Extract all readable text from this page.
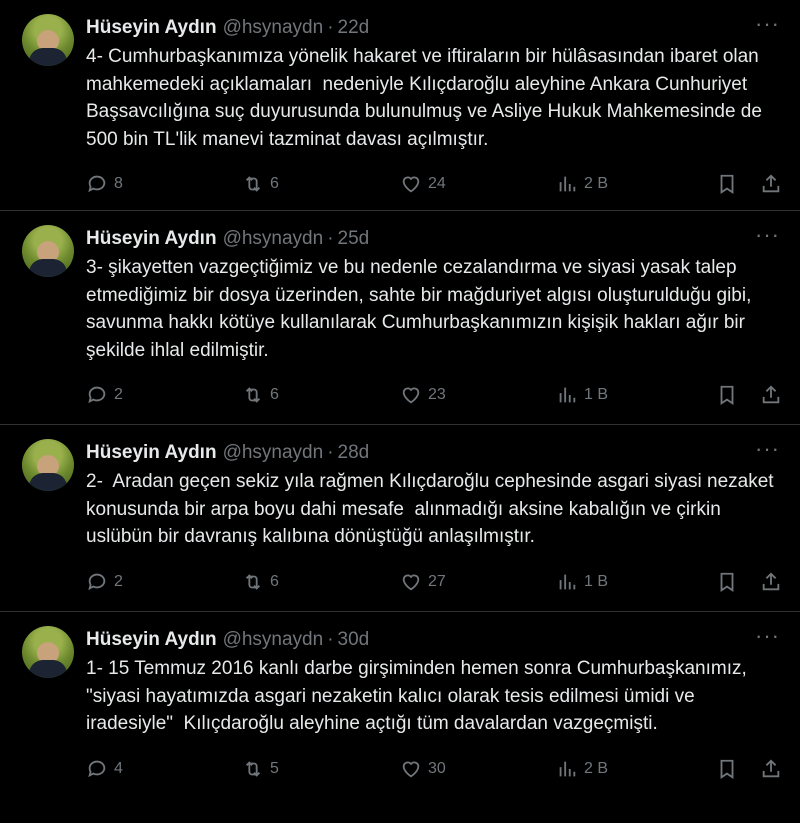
···
Hüseyin Aydın @hsynaydn · 22d
4- Cumhurbaşkanımıza yönelik hakaret ve iftiraların bir hülâsasından ibaret olan mahkemedeki açıklamaları  nedeniyle Kılıçdaroğlu aleyhine Ankara Cunhuriyet Başsavcılığına suç duyurusunda bulunulmuş ve Asliye Hukuk Mahkemesinde de 500 bin TL'lik manevi tazminat davası açılmıştır.
8	6	24	2 B
···
Hüseyin Aydın @hsynaydn · 25d
3- şikayetten vazgeçtiğimiz ve bu nedenle cezalandırma ve siyasi yasak talep etmediğimiz bir dosya üzerinden, sahte bir mağduriyet algısı oluşturulduğu gibi, savunma hakkı kötüye kullanılarak Cumhurbaşkanımızın kişişik hakları ağır bir şekilde ihlal edilmiştir.
2	6	23	1 B
···
Hüseyin Aydın @hsynaydn · 28d
2-  Aradan geçen sekiz yıla rağmen Kılıçdaroğlu cephesinde asgari siyasi nezaket konusunda bir arpa boyu dahi mesafe  alınmadığı aksine kabalığın ve çirkin uslübün bir davranış kalıbına dönüştüğü anlaşılmıştır.
2	6	27	1 B
···
Hüseyin Aydın @hsynaydn · 30d
1- 15 Temmuz 2016 kanlı darbe girşiminden hemen sonra Cumhurbaşkanımız,
"siyasi hayatımızda asgari nezaketin kalıcı olarak tesis edilmesi ümidi ve iradesiyle"  Kılıçdaroğlu aleyhine açtığı tüm davalardan vazgeçmişti.
4	5	30	2 B
